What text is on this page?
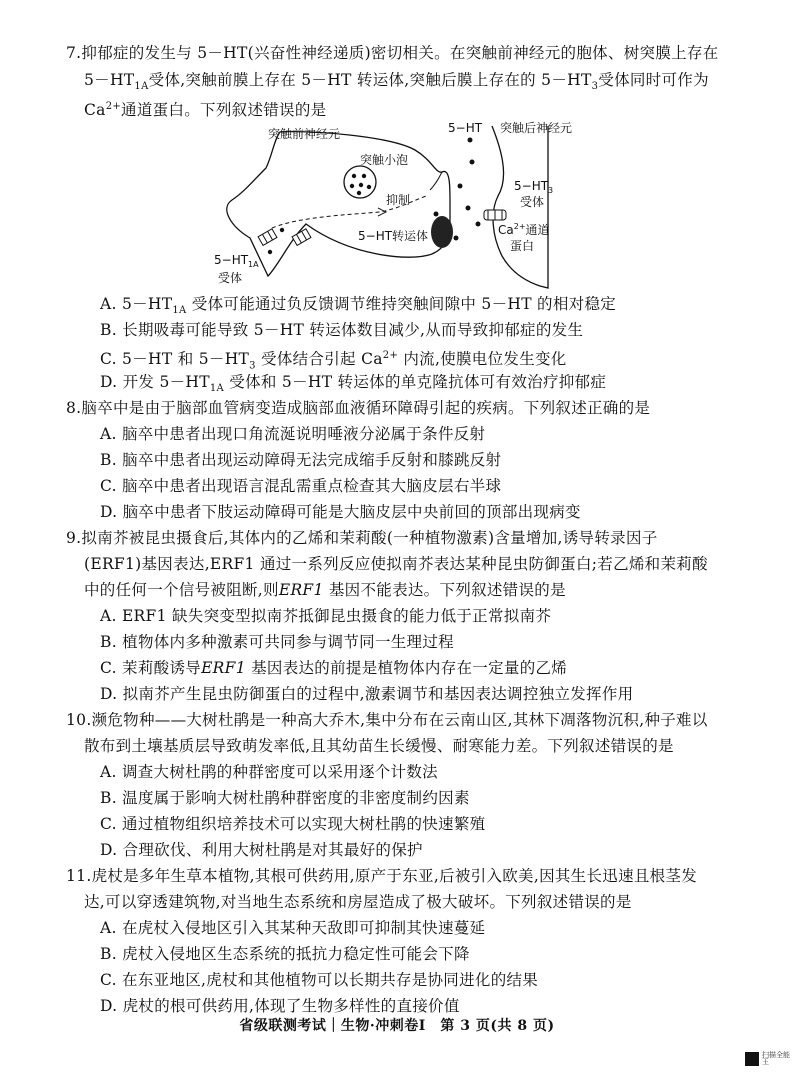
7.抑郁症的发生与 5－HT(兴奋性神经递质)密切相关。在突触前神经元的胞体、树突膜上存在
$5-HT_{1A}$受体,突触前膜上存在 5－HT 转运体,突触后膜上存在的 $5-HT_3$受体同时可作为
$Ca^{2+}$通道蛋白。下列叙述错误的是
突触前神经元	5−HT 突触后神经元
突触小泡
抑制
5−HT转运体
$5-HT_3$
受体
$Ca^{2+}$通道
蛋白
$5-HT_{1A}$
受体
A. $5-HT_{1A}$ 受体可能通过负反馈调节维持突触间隙中 5－HT 的相对稳定
B. 长期吸毒可能导致 5－HT 转运体数目减少,从而导致抑郁症的发生
C. 5－HT 和 $5-HT_3$ 受体结合引起 $Ca^{2+}$ 内流,使膜电位发生变化
D. 开发 $5-HT_{1A}$ 受体和 5－HT 转运体的单克隆抗体可有效治疗抑郁症
8.脑卒中是由于脑部血管病变造成脑部血液循环障碍引起的疾病。下列叙述正确的是
A. 脑卒中患者出现口角流涎说明唾液分泌属于条件反射
B. 脑卒中患者出现运动障碍无法完成缩手反射和膝跳反射
C. 脑卒中患者出现语言混乱需重点检查其大脑皮层右半球
D. 脑卒中患者下肢运动障碍可能是大脑皮层中央前回的顶部出现病变
9.拟南芥被昆虫摄食后,其体内的乙烯和茉莉酸(一种植物激素)含量增加,诱导转录因子
(ERF1)基因表达,ERF1 通过一系列反应使拟南芥表达某种昆虫防御蛋白;若乙烯和茉莉酸
中的任何一个信号被阻断,则ERF1 基因不能表达。下列叙述错误的是
A. ERF1 缺失突变型拟南芥抵御昆虫摄食的能力低于正常拟南芥
B. 植物体内多种激素可共同参与调节同一生理过程
C. 茉莉酸诱导ERF1 基因表达的前提是植物体内存在一定量的乙烯
D. 拟南芥产生昆虫防御蛋白的过程中,激素调节和基因表达调控独立发挥作用
10.濒危物种——大树杜鹃是一种高大乔木,集中分布在云南山区,其林下凋落物沉积,种子难以
散布到土壤基质层导致萌发率低,且其幼苗生长缓慢、耐寒能力差。下列叙述错误的是
A. 调查大树杜鹃的种群密度可以采用逐个计数法
B. 温度属于影响大树杜鹃种群密度的非密度制约因素
C. 通过植物组织培养技术可以实现大树杜鹃的快速繁殖
D. 合理砍伐、利用大树杜鹃是对其最好的保护
11.虎杖是多年生草本植物,其根可供药用,原产于东亚,后被引入欧美,因其生长迅速且根茎发
达,可以穿透建筑物,对当地生态系统和房屋造成了极大破坏。下列叙述错误的是
A. 在虎杖入侵地区引入其某种天敌即可抑制其快速蔓延
B. 虎杖入侵地区生态系统的抵抗力稳定性可能会下降
C. 在东亚地区,虎杖和其他植物可以长期共存是协同进化的结果
D. 虎杖的根可供药用,体现了生物多样性的直接价值
省级联测考试｜生物·冲刺卷Ⅰ　第 3 页(共 8 页)
扫描全能王
